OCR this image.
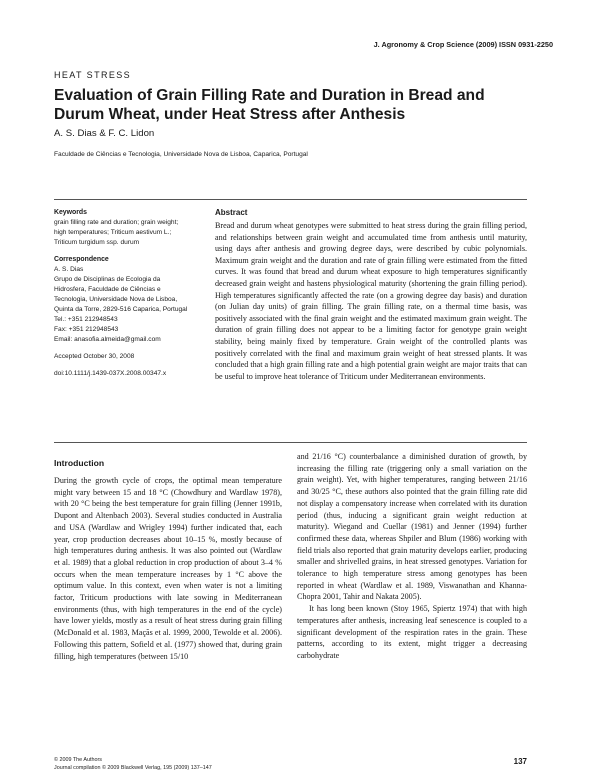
J. Agronomy & Crop Science (2009) ISSN 0931-2250
HEAT STRESS
Evaluation of Grain Filling Rate and Duration in Bread and Durum Wheat, under Heat Stress after Anthesis
A. S. Dias & F. C. Lidon
Faculdade de Ciências e Tecnologia, Universidade Nova de Lisboa, Caparica, Portugal
Keywords
grain filling rate and duration; grain weight;
high temperatures; Triticum aestivum L.;
Triticum turgidum ssp. durum
Correspondence
A. S. Dias
Grupo de Disciplinas de Ecologia da
Hidrosfera, Faculdade de Ciências e
Tecnologia, Universidade Nova de Lisboa,
Quinta da Torre, 2829-516 Caparica, Portugal
Tel.: +351 212948543
Fax: +351 212948543
Email: anasofia.almeida@gmail.com
Accepted October 30, 2008
doi:10.1111/j.1439-037X.2008.00347.x
Abstract

Bread and durum wheat genotypes were submitted to heat stress during the grain filling period, and relationships between grain weight and accumulated time from anthesis until maturity, using days after anthesis and growing degree days, were described by cubic polynomials. Maximum grain weight and the duration and rate of grain filling were estimated from the fitted curves. It was found that bread and durum wheat exposure to high temperatures significantly decreased grain weight and hastens physiological maturity (shortening the grain filling period). High temperatures significantly affected the rate (on a growing degree day basis) and duration (on Julian day units) of grain filling. The grain filling rate, on a thermal time basis, was positively associated with the final grain weight and the estimated maximum grain weight. The duration of grain filling does not appear to be a limiting factor for genotype grain weight stability, being mainly fixed by temperature. Grain weight of the controlled plants was positively correlated with the final and maximum grain weight of heat stressed plants. It was concluded that a high grain filling rate and a high potential grain weight are major traits that can be useful to improve heat tolerance of Triticum under Mediterranean environments.

Introduction

During the growth cycle of crops, the optimal mean temperature might vary between 15 and 18 °C (Chowdhury and Wardlaw 1978), with 20 °C being the best temperature for grain filling (Jenner 1991b, Dupont and Altenbach 2003). Several studies conducted in Australia and USA (Wardlaw and Wrigley 1994) further indicated that, each year, crop production decreases about 10–15 %, mostly because of high temperatures during anthesis. It was also pointed out (Wardlaw et al. 1989) that a global reduction in crop production of about 3–4 % occurs when the mean temperature increases by 1 °C above the optimum value. In this context, even when water is not a limiting factor, Triticum productions with late sowing in Mediterranean environments (thus, with high temperatures in the end of the cycle) have lower yields, mostly as a result of heat stress during grain filling (McDonald et al. 1983, Maçãs et al. 1999, 2000, Tewolde et al. 2006). Following this pattern, Sofield et al. (1977) showed that, during grain filling, high temperatures (between 15/10

and 21/16 °C) counterbalance a diminished duration of growth, by increasing the filling rate (triggering only a small variation on the grain weight). Yet, with higher temperatures, ranging between 21/16 and 30/25 °C, these authors also pointed that the grain filling rate did not display a compensatory increase when correlated with its duration period (thus, inducing a significant grain weight reduction at maturity). Wiegand and Cuellar (1981) and Jenner (1994) further confirmed these data, whereas Shpiler and Blum (1986) working with field trials also reported that grain maturity develops earlier, producing smaller and shrivelled grains, in heat stressed genotypes. Variation for tolerance to high temperature stress among genotypes has been reported in wheat (Wardlaw et al. 1989, Viswanathan and Khanna-Chopra 2001, Tahir and Nakata 2005).

It has long been known (Stoy 1965, Spiertz 1974) that with high temperatures after anthesis, increasing leaf senescence is coupled to a significant development of the respiration rates in the grain. These patterns, according to its extent, might trigger a decreasing carbohydrate

© 2009 The Authors
Journal compilation © 2009 Blackwell Verlag, 195 (2009) 137–147
137
